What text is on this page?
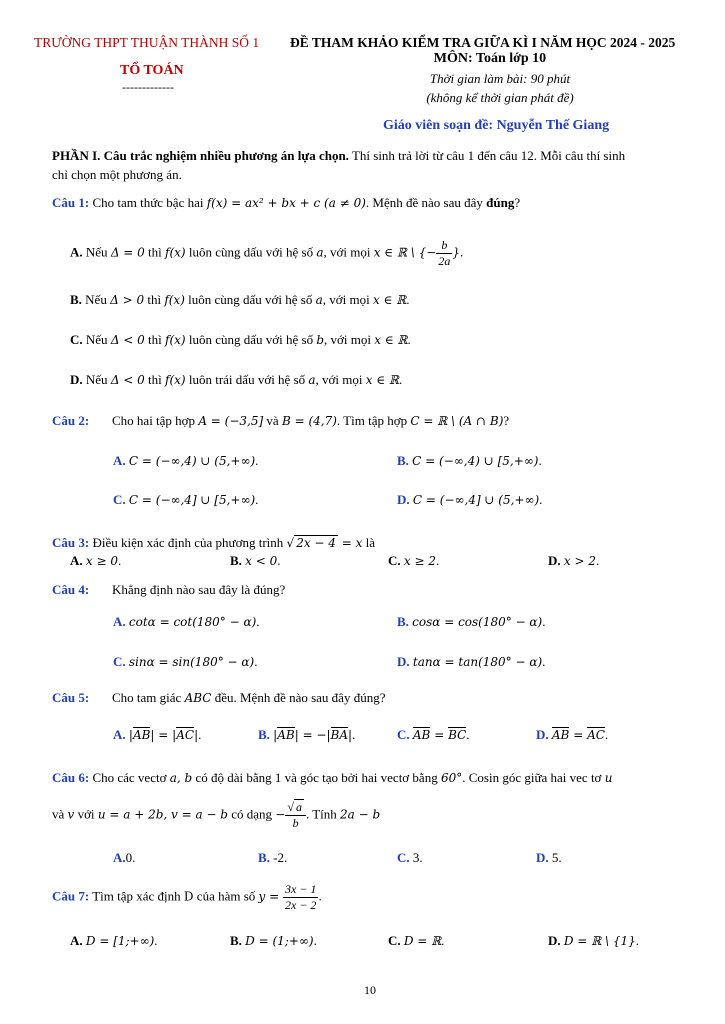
TRƯỜNG THPT THUẬN THÀNH SỐ 1 ĐỀ THAM KHẢO KIỂM TRA GIỮA KÌ I NĂM HỌC 2024 - 2025
TỔ TOÁN
-------------
MÔN: Toán lớp 10
Thời gian làm bài: 90 phút
(không kể thời gian phát đề)
Giáo viên soạn đề: Nguyễn Thế Giang
PHẦN I. Câu trắc nghiệm nhiều phương án lựa chọn. Thí sinh trả lời từ câu 1 đến câu 12. Mỗi câu thí sinh
chỉ chọn một phương án.
Câu 1: Cho tam thức bậc hai f(x) = ax² + bx + c (a ≠ 0). Mệnh đề nào sau đây đúng?
A. Nếu Δ = 0 thì f(x) luôn cùng dấu với hệ số a, với mọi x ∈ ℝ \ {− $\frac{b}{2a}$ }.
B. Nếu Δ > 0 thì f(x) luôn cùng dấu với hệ số a, với mọi x ∈ ℝ.
C. Nếu Δ < 0 thì f(x) luôn cùng dấu với hệ số b, với mọi x ∈ ℝ.
D. Nếu Δ < 0 thì f(x) luôn trái dấu với hệ số a, với mọi x ∈ ℝ.
Câu 2: Cho hai tập hợp A = (−3,5] và B = (4,7). Tìm tập hợp C = ℝ \ (A ∩ B)?
A. C = (−∞,4) ∪ (5,+∞).	B. C = (−∞,4) ∪ [5,+∞).
C. C = (−∞,4] ∪ [5,+∞).	D. C = (−∞,4] ∪ (5,+∞).
Câu 3: Điều kiện xác định của phương trình √ 2x − 4 = x là
A. x ≥ 0.	B. x < 0.	C. x ≥ 2.	D. x > 2.
Câu 4: Khẳng định nào sau đây là đúng?
A. cotα = cot(180° − α).	B. cosα = cos(180° − α).
C. sinα = sin(180° − α).	D. tanα = tan(180° − α).
Câu 5: Cho tam giác ABC đều. Mệnh đề nào sau đây đúng?
A. |AB| = |AC|.	B. |AB| = −|BA|.	C. AB = BC.	D. AB = AC.
Câu 6: Cho các vectơ a, b có độ dài bằng 1 và góc tạo bởi hai vectơ bằng 60°. Cosin góc giữa hai vec tơ u
và v với u = a + 2b, v = a − b có dạng − $\frac{√ a}{b}$ . Tính 2a − b
A.0.	B. -2.	C. 3.	D. 5.
Câu 7: Tìm tập xác định D của hàm số $y = \frac{3x - 1}{2x - 2}$ .
A. D = [1;+∞).	B. D = (1;+∞).	C. D = ℝ.	D. D = ℝ \ {1}.
10
